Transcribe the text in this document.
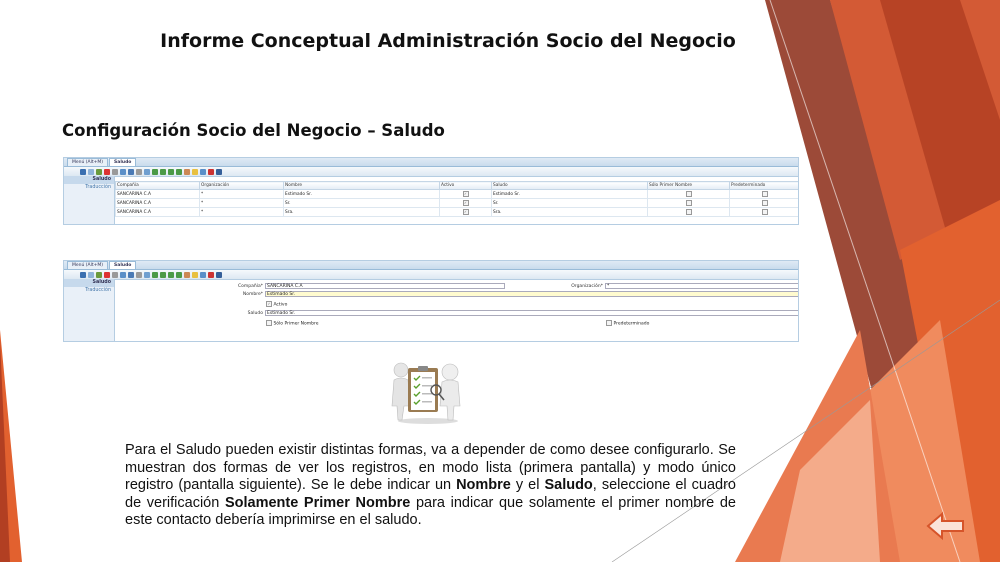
Informe Conceptual Administración Socio del Negocio
Configuración Socio del Negocio – Saludo
Menú (Alt+M)	Saludo
Saludo
Traducción	Compañía	Organización	Nombre	Activo	Saludo	Sólo Primer Nombre	Predeterminado
SANCARINA C.A	*	Estimado Sr.	✓	Estimado Sr.		
SANCARINA C.A	*	Sr.	✓	Sr.		
SANCARINA C.A	*	Sra.	✓	Sra.		
Menú (Alt+M)	Saludo
Saludo
Traducción
Compañía* SANCARINA C.A	Organización* *
Nombre* Estimado Sr.
✓ Activo
Saludo Estimado Sr.
Sólo Primer Nombre	Predeterminado
Para el Saludo pueden existir distintas formas, va a depender de como desee configurarlo. Se muestran dos formas de ver los registros, en modo lista (primera pantalla) y modo único registro (pantalla siguiente). Se le debe indicar un Nombre y el Saludo, seleccione el cuadro de verificación Solamente Primer Nombre para indicar que solamente el primer nombre de este contacto debería imprimirse en el saludo.
